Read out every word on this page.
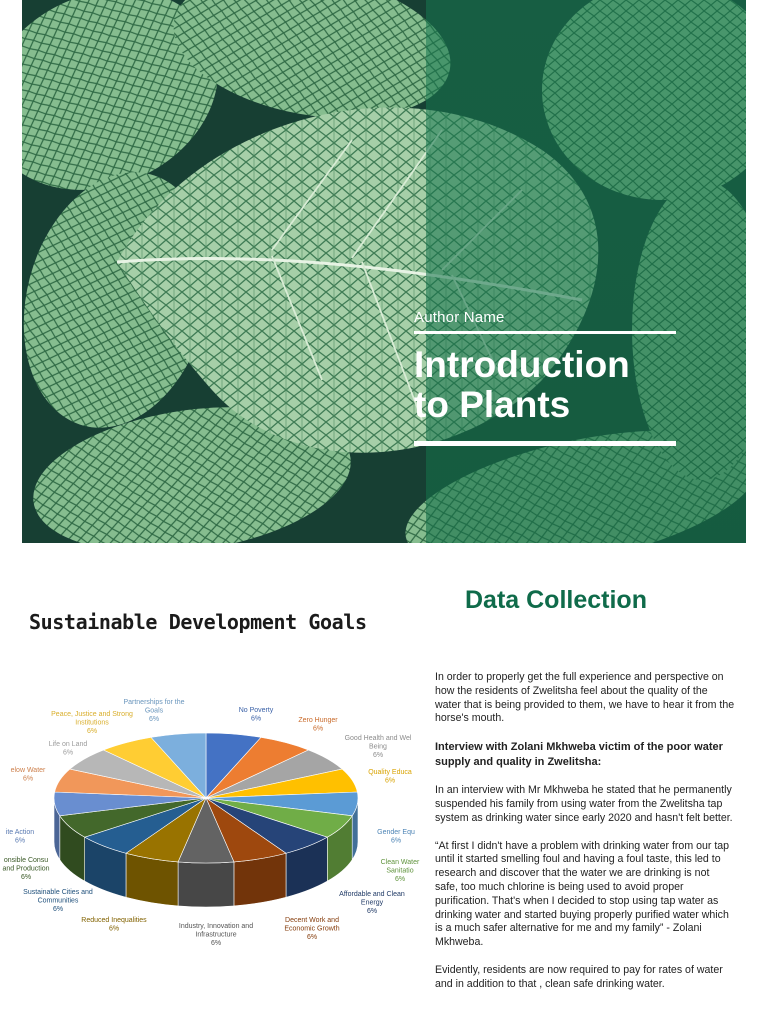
Author Name
Introduction
to Plants
Sustainable Development Goals
Partnerships for the Goals 6%
No Poverty 6%
Peace, Justice and Strong Institutions 6%
Zero Hunger 6%
Life on Land 6%
Good Health and Wel Being 6%
elow Water 6%
Quality Educa 6%
ite Action 6%
Gender Equ 6%
onsible Consu and Production 6%
Clean Water Sanitatio 6%
Sustainable Cities and Communities 6%
Affordable and Clean Energy 6%
Reduced Inequalities 6%
Decent Work and Economic Growth 6%
Industry, Innovation and Infrastructure 6%
Data Collection

In order to properly get the full experience and perspective on how the residents of Zwelitsha feel about the quality of the water that is being provided to them, we have to hear it from the horse's mouth.

Interview with Zolani Mkhweba victim of the poor water supply and quality in Zwelitsha:

In an interview with Mr Mkhweba he stated that he permanently suspended his family from using water from the Zwelitsha tap system as drinking water since early 2020 and hasn't felt better.

“At first I didn't have a problem with drinking water from our tap until it started smelling foul and having a foul taste, this led to research and discover that the water we are drinking is not safe, too much chlorine is being used to avoid proper purification. That's when I decided to stop using tap water as drinking water and started buying properly purified water which is a much safer alternative for me and my family” - Zolani Mkhweba.

Evidently, residents are now required to pay for rates of water and in addition to that , clean safe drinking water.
